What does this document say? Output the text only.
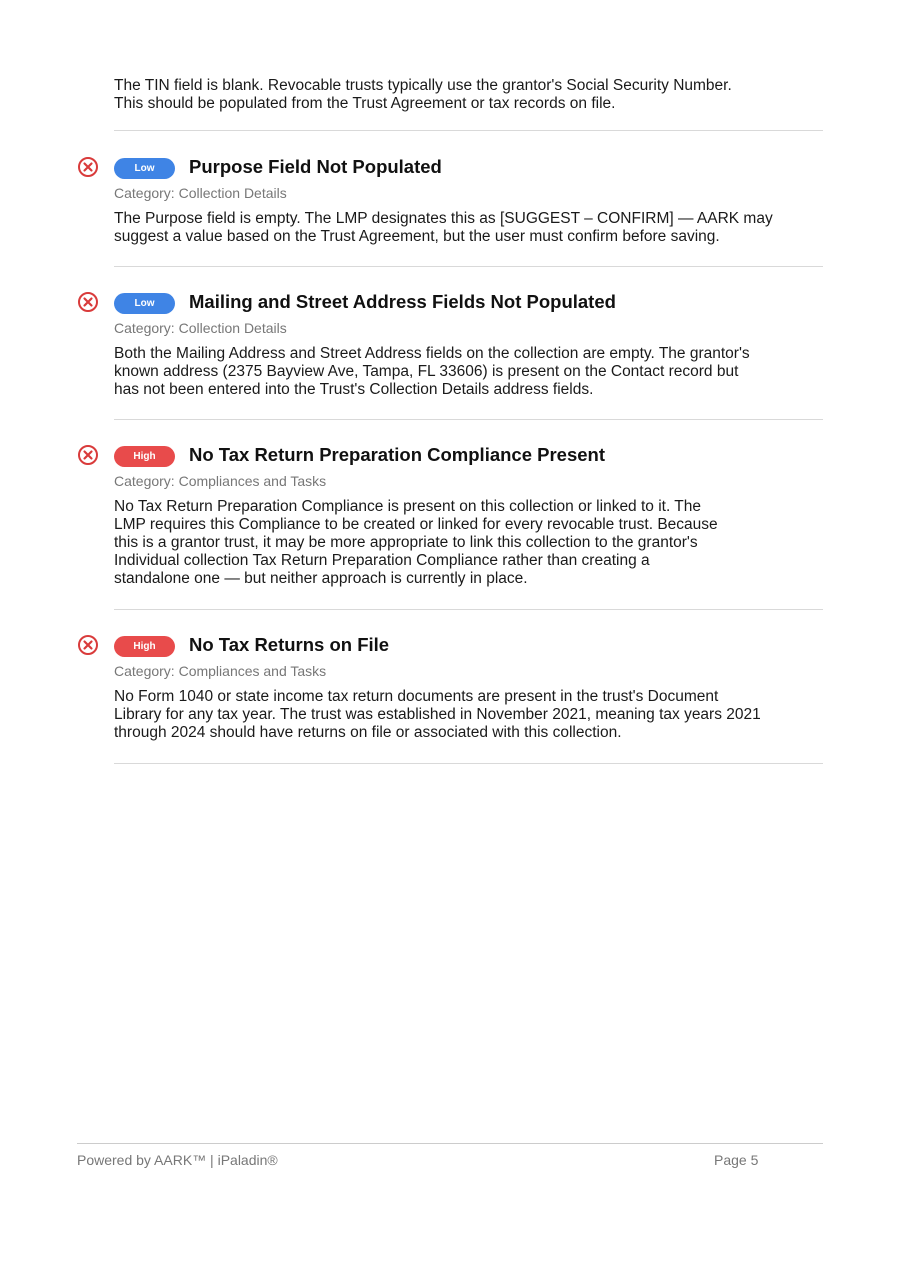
The TIN field is blank. Revocable trusts typically use the grantor's Social Security Number. This should be populated from the Trust Agreement or tax records on file.

Low	Purpose Field Not Populated
Category: Collection Details

The Purpose field is empty. The LMP designates this as [SUGGEST – CONFIRM] — AARK may suggest a value based on the Trust Agreement, but the user must confirm before saving.

Low	Mailing and Street Address Fields Not Populated
Category: Collection Details

Both the Mailing Address and Street Address fields on the collection are empty. The grantor's known address (2375 Bayview Ave, Tampa, FL 33606) is present on the Contact record but has not been entered into the Trust's Collection Details address fields.

High	No Tax Return Preparation Compliance Present
Category: Compliances and Tasks

No Tax Return Preparation Compliance is present on this collection or linked to it. The LMP requires this Compliance to be created or linked for every revocable trust. Because this is a grantor trust, it may be more appropriate to link this collection to the grantor's Individual collection Tax Return Preparation Compliance rather than creating a standalone one — but neither approach is currently in place.

High	No Tax Returns on File
Category: Compliances and Tasks

No Form 1040 or state income tax return documents are present in the trust's Document Library for any tax year. The trust was established in November 2021, meaning tax years 2021 through 2024 should have returns on file or associated with this collection.

Powered by AARK™ | iPaladin®	Page 5
